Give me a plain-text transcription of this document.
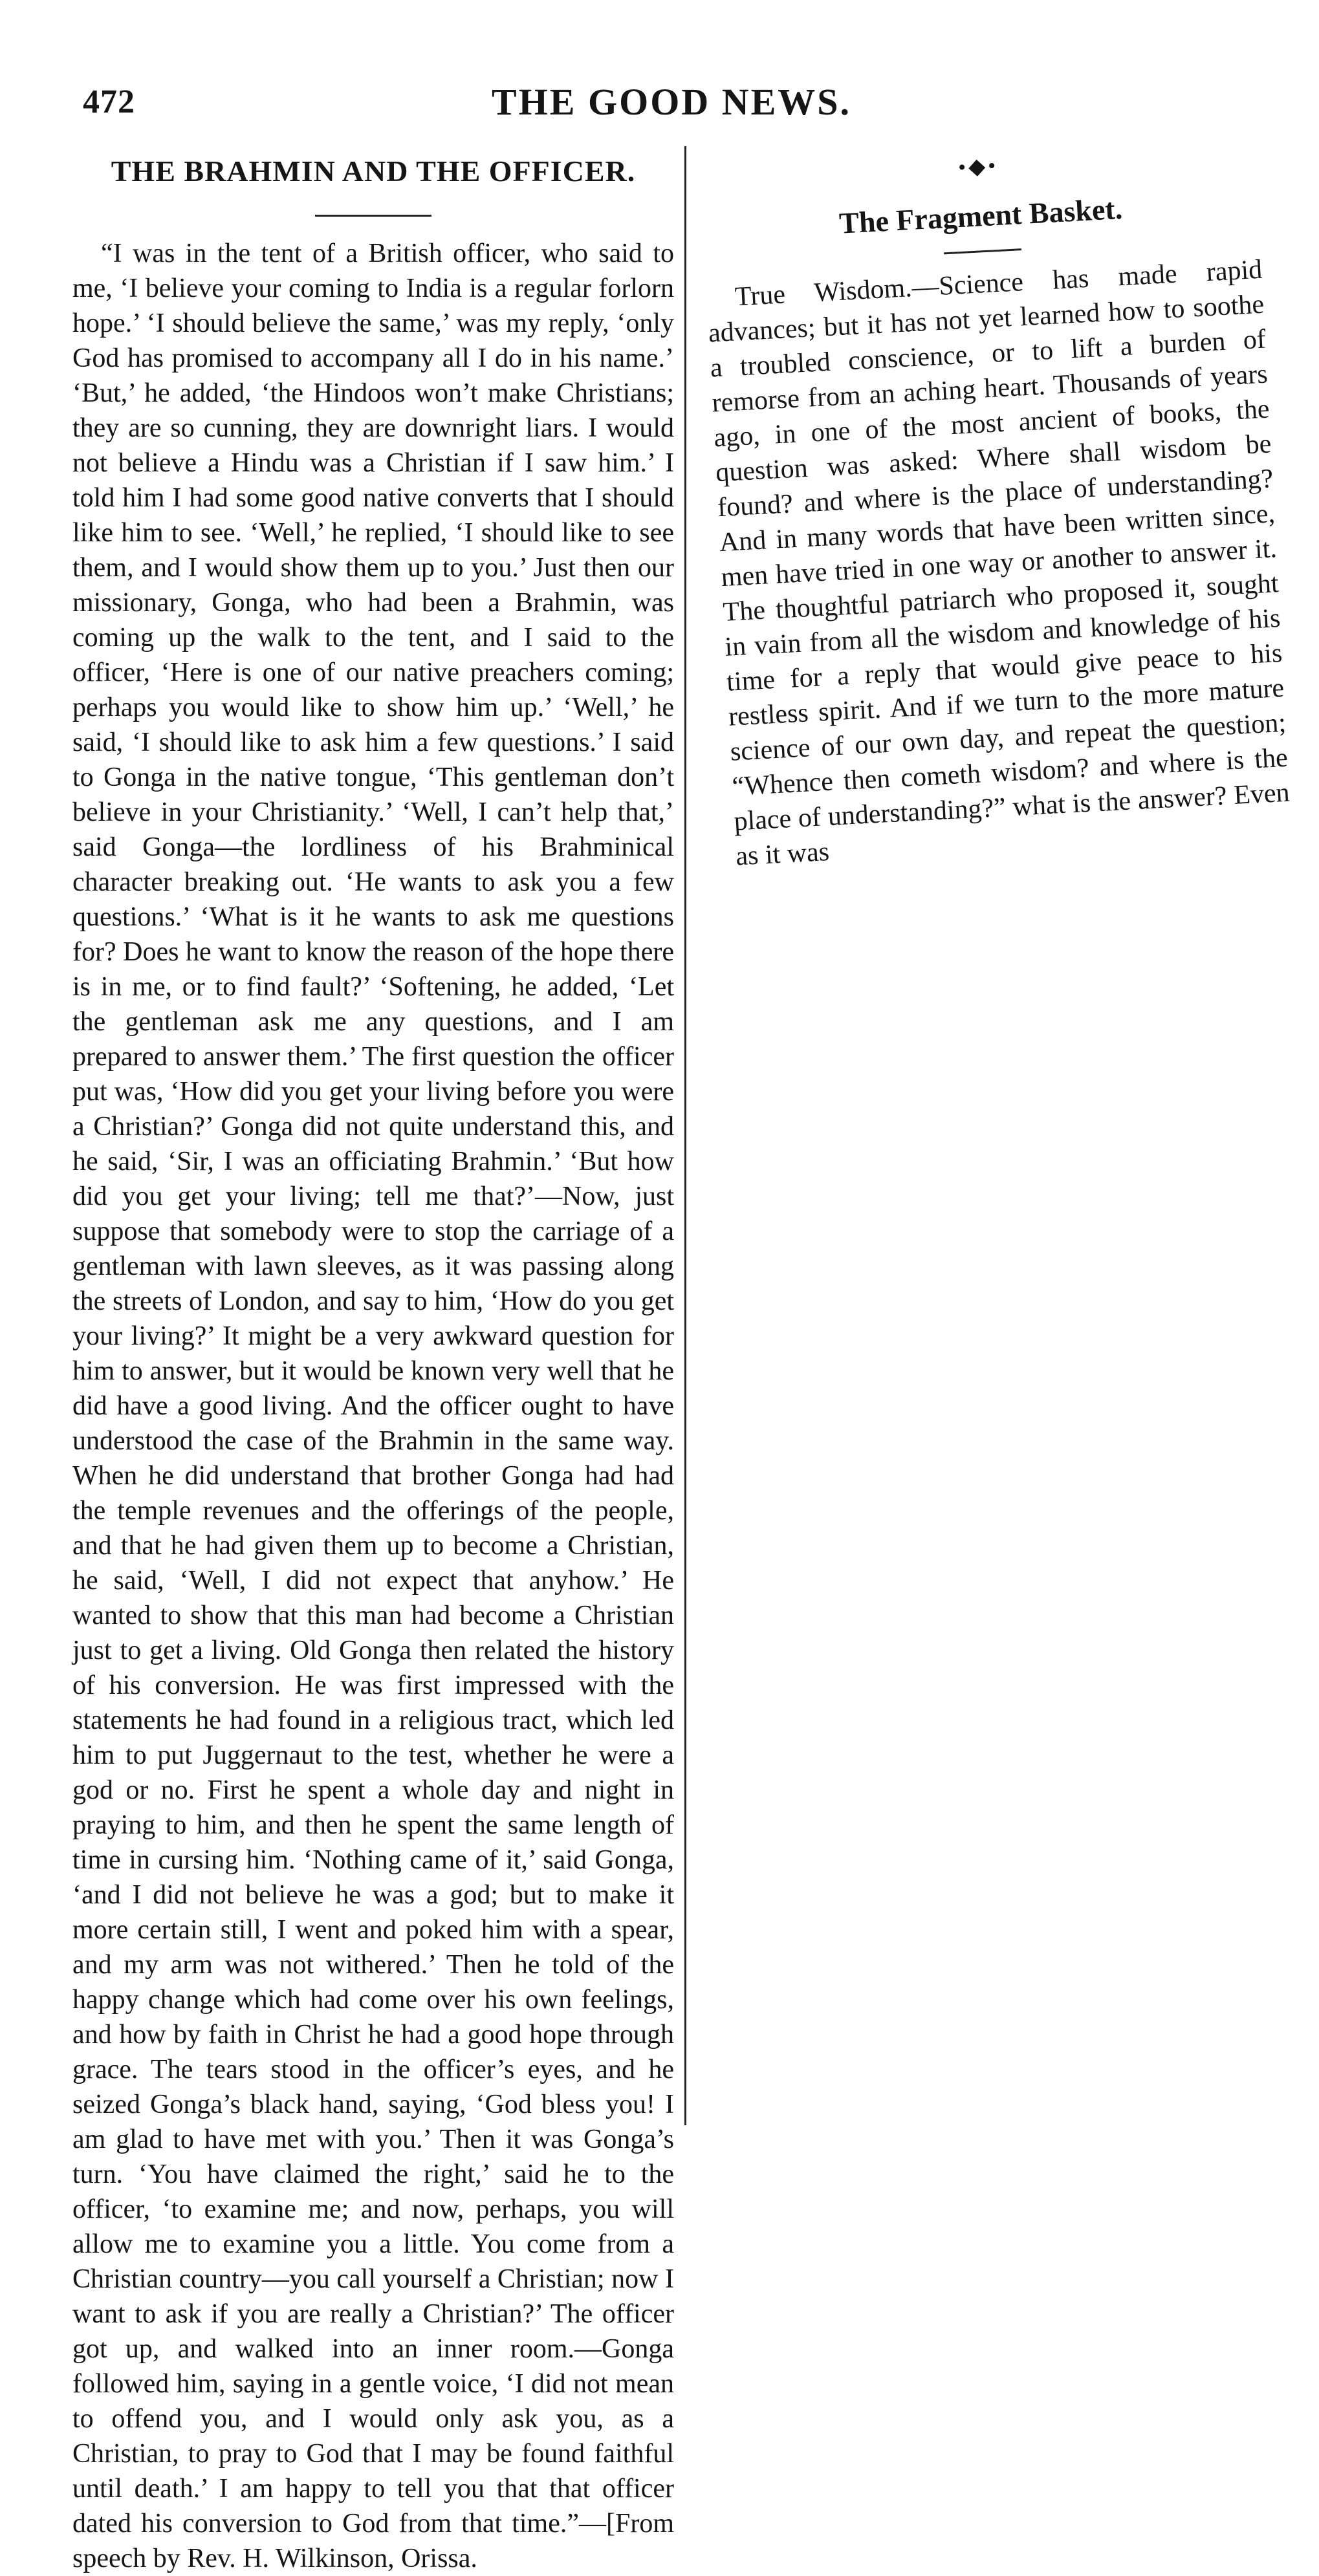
472	THE GOOD NEWS.
THE BRAHMIN AND THE OFFICER.

“I was in the tent of a British officer, who said to me, ‘I believe your coming to India is a regular forlorn hope.’ ‘I should believe the same,’ was my reply, ‘only God has promised to accompany all I do in his name.’ ‘But,’ he added, ‘the Hindoos won’t make Christians; they are so cunning, they are downright liars. I would not believe a Hindu was a Christian if I saw him.’ I told him I had some good native converts that I should like him to see. ‘Well,’ he replied, ‘I should like to see them, and I would show them up to you.’ Just then our missionary, Gonga, who had been a Brahmin, was coming up the walk to the tent, and I said to the officer, ‘Here is one of our native preachers coming; perhaps you would like to show him up.’ ‘Well,’ he said, ‘I should like to ask him a few questions.’ I said to Gonga in the native tongue, ‘This gentleman don’t believe in your Christianity.’ ‘Well, I can’t help that,’ said Gonga—the lordliness of his Brahminical character breaking out. ‘He wants to ask you a few questions.’ ‘What is it he wants to ask me questions for? Does he want to know the reason of the hope there is in me, or to find fault?’ ‘Softening, he added, ‘Let the gentleman ask me any questions, and I am prepared to answer them.’ The first question the officer put was, ‘How did you get your living before you were a Christian?’ Gonga did not quite understand this, and he said, ‘Sir, I was an officiating Brahmin.’ ‘But how did you get your living; tell me that?’—Now, just suppose that somebody were to stop the carriage of a gentleman with lawn sleeves, as it was passing along the streets of London, and say to him, ‘How do you get your living?’ It might be a very awkward question for him to answer, but it would be known very well that he did have a good living. And the officer ought to have understood the case of the Brahmin in the same way. When he did understand that brother Gonga had had the temple revenues and the offerings of the people, and that he had given them up to become a Christian, he said, ‘Well, I did not expect that anyhow.’ He wanted to show that this man had become a Christian just to get a living. Old Gonga then related the history of his conversion. He was first impressed with the statements he had found in a religious tract, which led him to put Juggernaut to the test, whether he were a god or no. First he spent a whole day and night in praying to him, and then he spent the same length of time in cursing him. ‘Nothing came of it,’ said Gonga, ‘and I did not believe he was a god; but to make it more certain still, I went and poked him with a spear, and my arm was not withered.’ Then he told of the happy change which had come over his own feelings, and how by faith in Christ he had a good hope through grace. The tears stood in the officer’s eyes, and he seized Gonga’s black hand, saying, ‘God bless you! I am glad to have met with you.’ Then it was Gonga’s turn. ‘You have claimed the right,’ said he to the officer, ‘to examine me; and now, perhaps, you will allow me to examine you a little. You come from a Christian country—you call yourself a Christian; now I want to ask if you are really a Christian?’ The officer got up, and walked into an inner room.—Gonga followed him, saying in a gentle voice, ‘I did not mean to offend you, and I would only ask you, as a Christian, to pray to God that I may be found faithful until death.’ I am happy to tell you that that officer dated his conversion to God from that time.”—[From speech by Rev. H. Wilkinson, Orissa.

•◆•
The Fragment Basket.

True Wisdom.—Science has made rapid advances; but it has not yet learned how to soothe a troubled conscience, or to lift a burden of remorse from an aching heart. Thousands of years ago, in one of the most ancient of books, the question was asked: Where shall wisdom be found? and where is the place of understanding? And in many words that have been written since, men have tried in one way or another to answer it. The thoughtful patriarch who proposed it, sought in vain from all the wisdom and knowledge of his time for a reply that would give peace to his restless spirit. And if we turn to the more mature science of our own day, and repeat the question; “Whence then cometh wisdom? and where is the place of understanding?” what is the answer? Even as it was
